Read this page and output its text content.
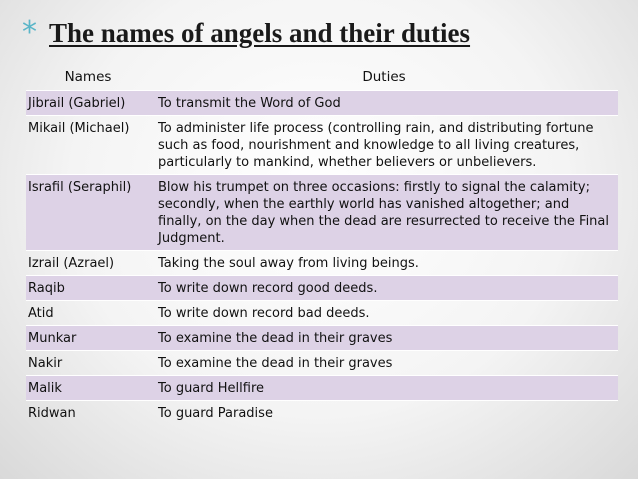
* The names of angels and their duties
Names	Duties
Jibrail (Gabriel)	To transmit the Word of God
Mikail (Michael)	To administer life process (controlling rain, and distributing fortune such as food, nourishment and knowledge to all living creatures, particularly to mankind, whether believers or unbelievers.
Israfil (Seraphil)	Blow his trumpet on three occasions: firstly to signal the calamity; secondly, when the earthly world has vanished altogether; and finally, on the day when the dead are resurrected to receive the Final Judgment.
Izrail (Azrael)	Taking the soul away from living beings.
Raqib	To write down record good deeds.
Atid	To write down record bad deeds.
Munkar	To examine the dead in their graves
Nakir	To examine the dead in their graves
Malik	To guard Hellfire
Ridwan	To guard Paradise
